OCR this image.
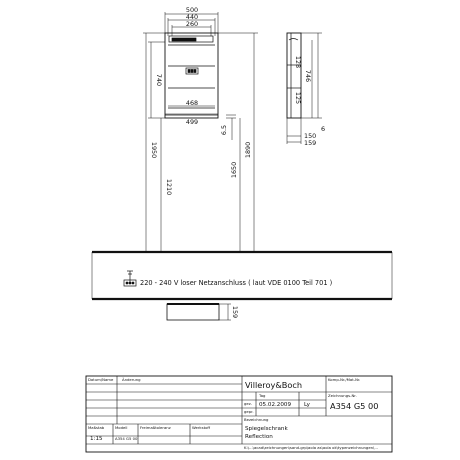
500
440
260
468
499
740
1950
1210
6.5
1650
1890
128
746
125
6
150
159
220 - 240 V loser Netzanschluss ( laut VDE 0100 Teil 701 )
159
Datum/Name Änderung
Villeroy&Boch
Komp-Nr./Mat-Nr.
Zeichnungs-Nr.
Tag
gez. 05.02.2009 Ly
gepr.
A354 G5 00
Bezeichnung
Spiegelschrank
Reflection
Maßstab	Modell	Freimaßtoleranz	Werkstoff
1:15	A354 G5 00
K:\...\acad\zeichnungen\sand-grp\aola as\aola ok\typenzeichnungen\...
